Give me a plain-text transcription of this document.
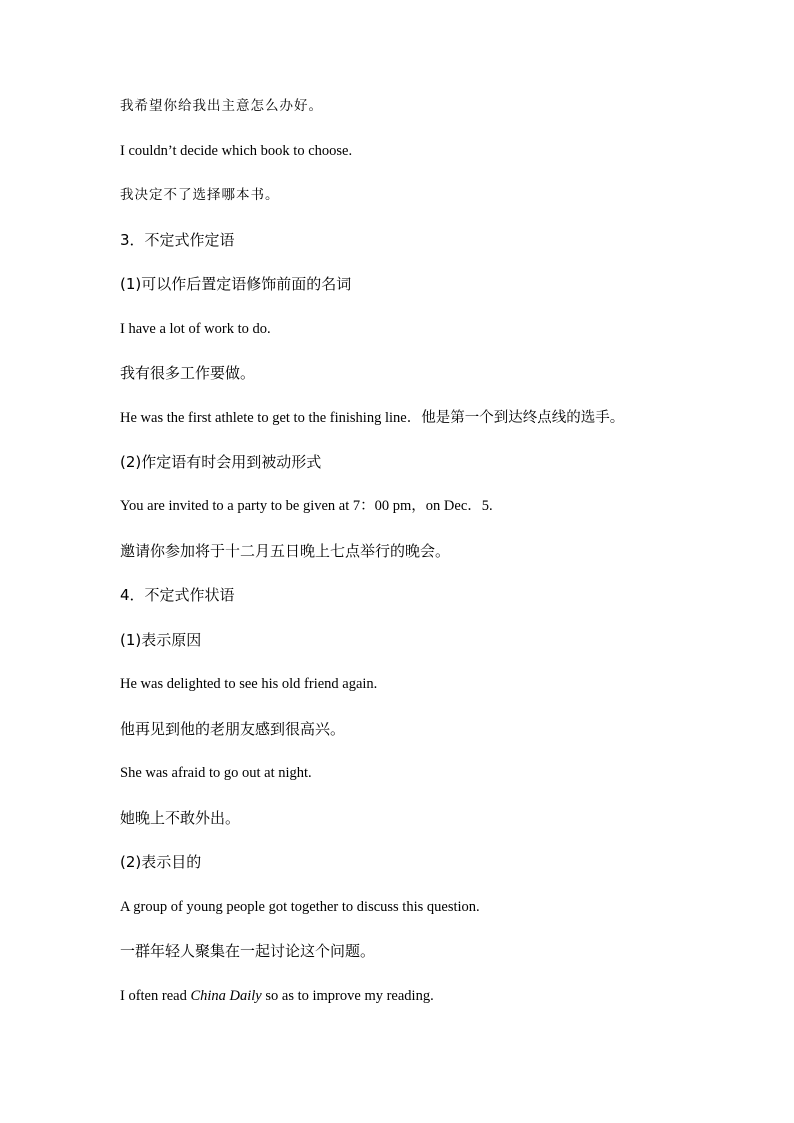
我希望你给我出主意怎么办好。
I couldn’t decide which book to choose.
我决定不了选择哪本书。
3．不定式作定语
(1)可以作后置定语修饰前面的名词
I have a lot of work to do.
我有很多工作要做。
He was the first athlete to get to the finishing line．他是第一个到达终点线的选手。
(2)作定语有时会用到被动形式
You are invited to a party to be given at 7：00 pm，on Dec．5.
邀请你参加将于十二月五日晚上七点举行的晚会。
4．不定式作状语
(1)表示原因
He was delighted to see his old friend again.
他再见到他的老朋友感到很高兴。
She was afraid to go out at night.
她晚上不敢外出。
(2)表示目的
A group of young people got together to discuss this question.
一群年轻人聚集在一起讨论这个问题。
I often read China Daily so as to improve my reading.
